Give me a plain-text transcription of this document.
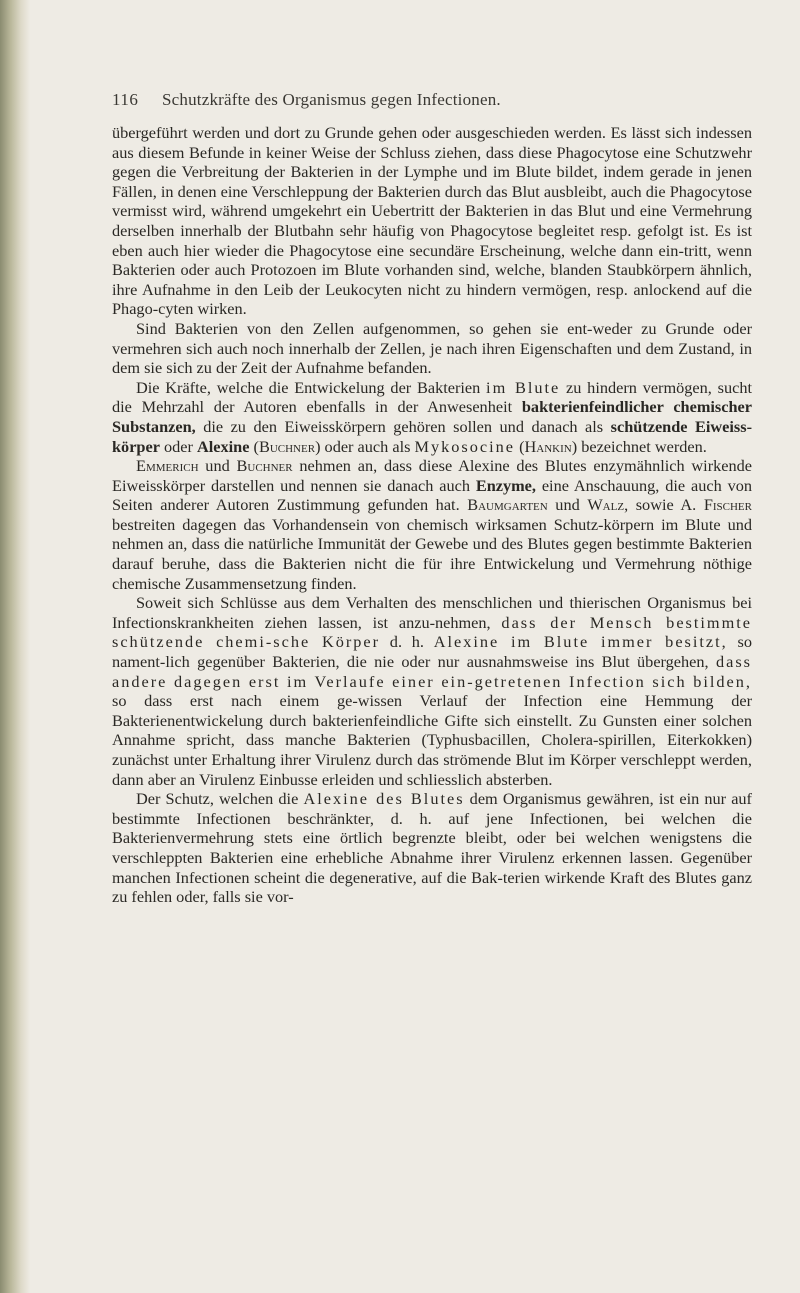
116 Schutzkräfte des Organismus gegen Infectionen.

übergeführt werden und dort zu Grunde gehen oder ausgeschieden werden. Es lässt sich indessen aus diesem Befunde in keiner Weise der Schluss ziehen, dass diese Phagocytose eine Schutzwehr gegen die Verbreitung der Bakterien in der Lymphe und im Blute bildet, indem gerade in jenen Fällen, in denen eine Verschleppung der Bakterien durch das Blut ausbleibt, auch die Phagocytose vermisst wird, während umgekehrt ein Uebertritt der Bakterien in das Blut und eine Vermehrung derselben innerhalb der Blutbahn sehr häufig von Phagocytose begleitet resp. gefolgt ist. Es ist eben auch hier wieder die Phagocytose eine secundäre Erscheinung, welche dann ein-tritt, wenn Bakterien oder auch Protozoen im Blute vorhanden sind, welche, blanden Staubkörpern ähnlich, ihre Aufnahme in den Leib der Leukocyten nicht zu hindern vermögen, resp. anlockend auf die Phago-cyten wirken.

Sind Bakterien von den Zellen aufgenommen, so gehen sie ent-weder zu Grunde oder vermehren sich auch noch innerhalb der Zellen, je nach ihren Eigenschaften und dem Zustand, in dem sie sich zu der Zeit der Aufnahme befanden.

Die Kräfte, welche die Entwickelung der Bakterien im Blute zu hindern vermögen, sucht die Mehrzahl der Autoren ebenfalls in der Anwesenheit bakterienfeindlicher chemischer Substanzen, die zu den Eiweisskörpern gehören sollen und danach als schützende Eiweiss-körper oder Alexine (Buchner) oder auch als Mykosocine (Hankin) bezeichnet werden.

Emmerich und Buchner nehmen an, dass diese Alexine des Blutes enzymähnlich wirkende Eiweisskörper darstellen und nennen sie danach auch Enzyme, eine Anschauung, die auch von Seiten anderer Autoren Zustimmung gefunden hat. Baumgarten und Walz, sowie A. Fischer bestreiten dagegen das Vorhandensein von chemisch wirksamen Schutz-körpern im Blute und nehmen an, dass die natürliche Immunität der Gewebe und des Blutes gegen bestimmte Bakterien darauf beruhe, dass die Bakterien nicht die für ihre Entwickelung und Vermehrung nöthige chemische Zusammensetzung finden.

Soweit sich Schlüsse aus dem Verhalten des menschlichen und thierischen Organismus bei Infectionskrankheiten ziehen lassen, ist anzu-nehmen, dass der Mensch bestimmte schützende chemi-sche Körper d. h. Alexine im Blute immer besitzt, so nament-lich gegenüber Bakterien, die nie oder nur ausnahmsweise ins Blut übergehen, dass andere dagegen erst im Verlaufe einer ein-getretenen Infection sich bilden, so dass erst nach einem ge-wissen Verlauf der Infection eine Hemmung der Bakterienentwickelung durch bakterienfeindliche Gifte sich einstellt. Zu Gunsten einer solchen Annahme spricht, dass manche Bakterien (Typhusbacillen, Cholera-spirillen, Eiterkokken) zunächst unter Erhaltung ihrer Virulenz durch das strömende Blut im Körper verschleppt werden, dann aber an Virulenz Einbusse erleiden und schliesslich absterben.

Der Schutz, welchen die Alexine des Blutes dem Organismus gewähren, ist ein nur auf bestimmte Infectionen beschränkter, d. h. auf jene Infectionen, bei welchen die Bakterienvermehrung stets eine örtlich begrenzte bleibt, oder bei welchen wenigstens die verschleppten Bakterien eine erhebliche Abnahme ihrer Virulenz erkennen lassen. Gegenüber manchen Infectionen scheint die degenerative, auf die Bak-terien wirkende Kraft des Blutes ganz zu fehlen oder, falls sie vor-
